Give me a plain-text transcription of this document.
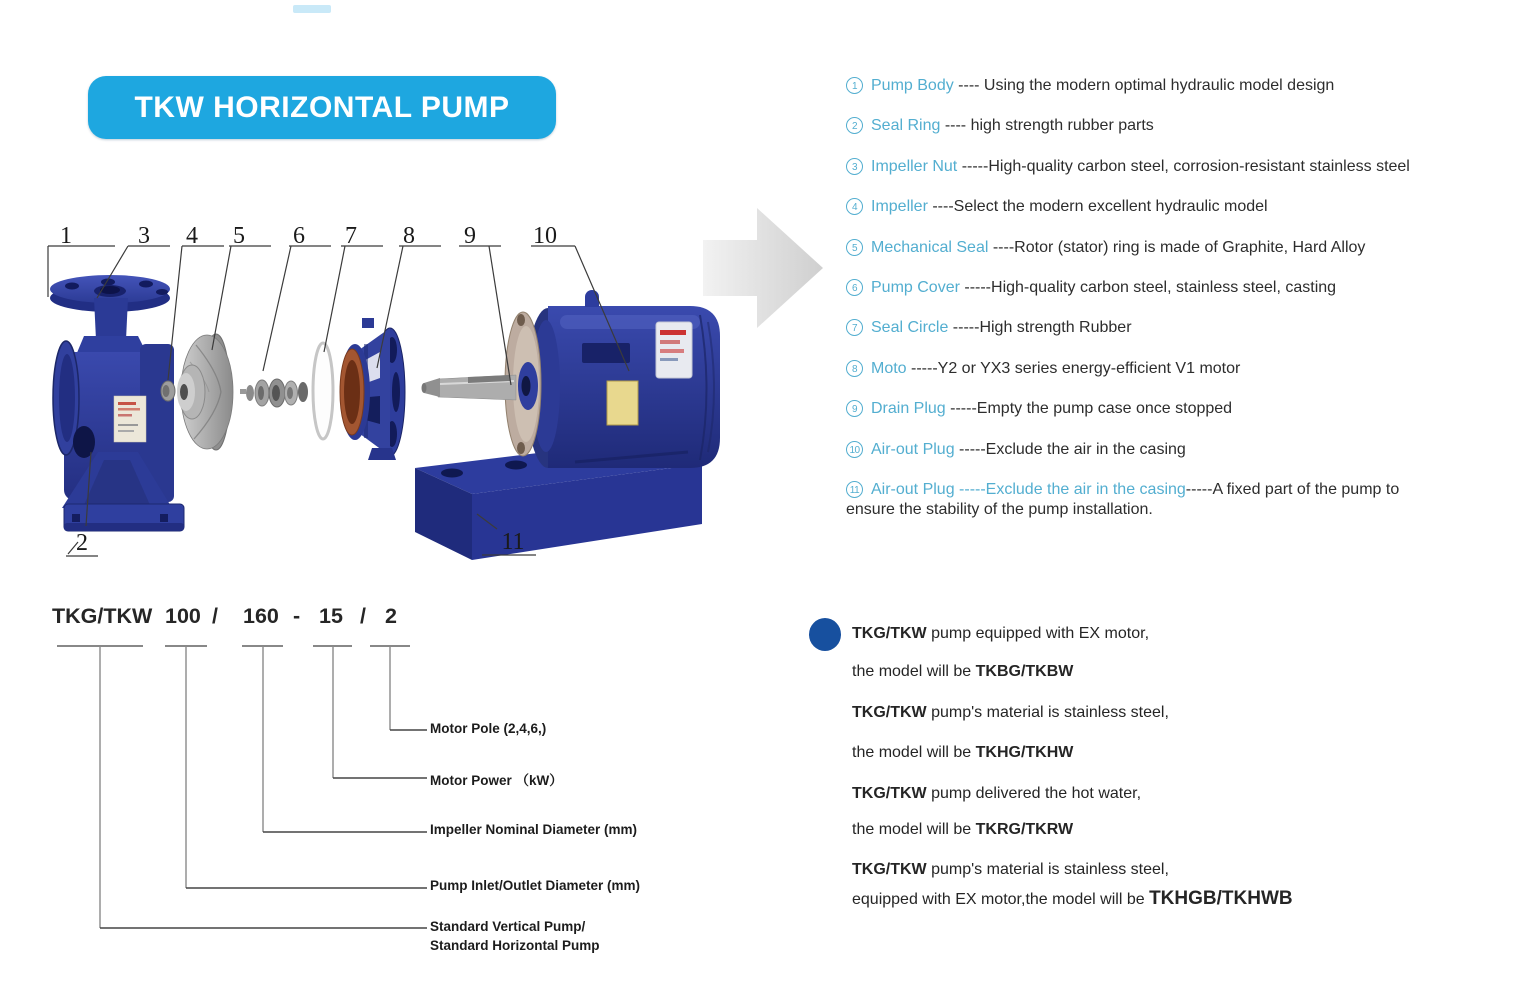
TKW HORIZONTAL PUMP
1	3 4 5 6 7 8 9 10
2	11
1 Pump Body ---- Using the modern optimal hydraulic model design
2 Seal Ring ---- high strength rubber parts
3 Impeller Nut -----High-quality carbon steel, corrosion-resistant stainless steel
4 Impeller ----Select the modern excellent hydraulic model
5 Mechanical Seal ----Rotor (stator) ring is made of Graphite, Hard Alloy
6 Pump Cover -----High-quality carbon steel, stainless steel, casting
7 Seal Circle -----High strength Rubber
8 Moto -----Y2 or YX3 series energy-efficient V1 motor
9 Drain Plug -----Empty the pump case once stopped
10 Air-out Plug -----Exclude the air in the casing
11 Air-out Plug -----Exclude the air in the casing-----A fixed part of the pump to
ensure the stability of the pump installation.
TKG/TKW 100 / 160 - 15 / 2
Motor Pole (2,4,6,)
Motor Power （kW）
Impeller Nominal Diameter (mm)
Pump Inlet/Outlet Diameter (mm)
Standard Vertical Pump/
Standard Horizontal Pump
TKG/TKW pump equipped with EX motor,
the model will be TKBG/TKBW
TKG/TKW pump's material is stainless steel,
the model will be TKHG/TKHW
TKG/TKW pump delivered the hot water,
the model will be TKRG/TKRW
TKG/TKW pump's material is stainless steel,
equipped with EX motor,the model will be TKHGB/TKHWB
